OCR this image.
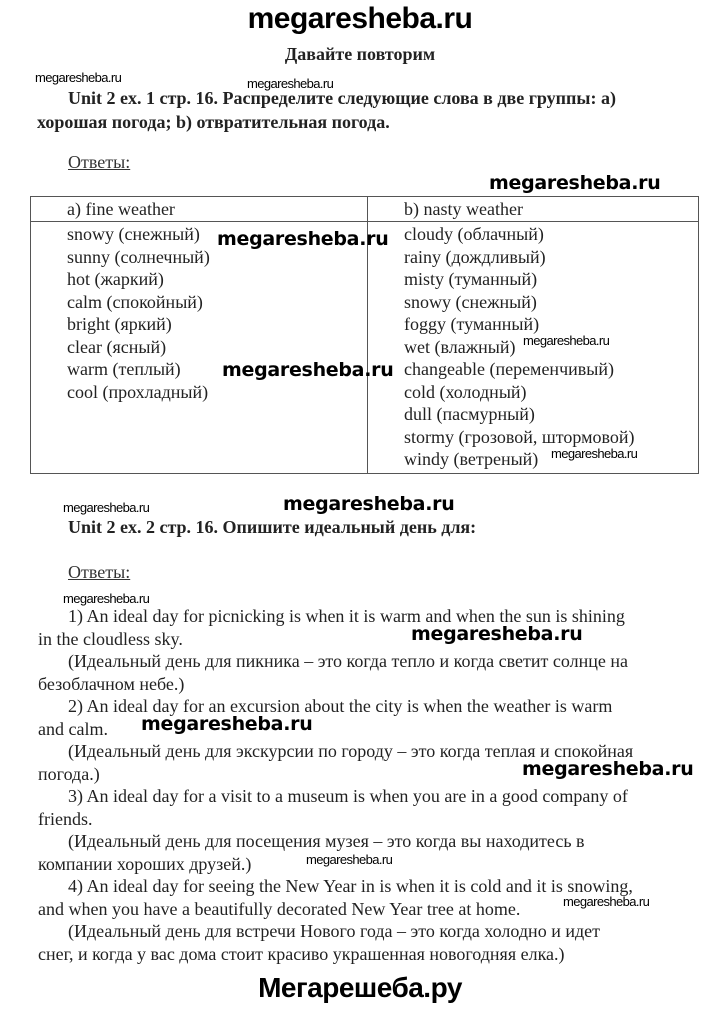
megaresheba.ru
Давайте повторим
megaresheba.ru	megaresheba.ru
Unit 2 ex. 1 стр. 16. Распределите следующие слова в две группы: a)
хорошая погода; b) отвратительная погода.
Ответы:
megaresheba.ru
a) fine weather	b) nasty weather

snowy (снежный)
sunny (солнечный)
hot (жаркий)
calm (спокойный)
bright (яркий)
clear (ясный)
warm (теплый)
cool (прохладный)

cloudy (облачный)
rainy (дождливый)
misty (туманный)
snowy (снежный)
foggy (туманный)
wet (влажный)
changeable (переменчивый)
cold (холодный)
dull (пасмурный)
stormy (грозовой, штормовой)
windy (ветреный)
megaresheba.ru
megaresheba.ru
megaresheba.ru
megaresheba.ru
megaresheba.ru	megaresheba.ru
Unit 2 ex. 2 стр. 16. Опишите идеальный день для:
Ответы:
megaresheba.ru
1) An ideal day for picnicking is when it is warm and when the sun is shining
in the cloudless sky.	megaresheba.ru
(Идеальный день для пикника – это когда тепло и когда светит солнце на
безоблачном небе.)
2) An ideal day for an excursion about the city is when the weather is warm
and calm. megaresheba.ru
(Идеальный день для экскурсии по городу – это когда теплая и спокойная
погода.)	megaresheba.ru
3) An ideal day for a visit to a museum is when you are in a good company of
friends.
(Идеальный день для посещения музея – это когда вы находитесь в
компании хороших друзей.)	megaresheba.ru
4) An ideal day for seeing the New Year in is when it is cold and it is snowing,
and when you have a beautifully decorated New Year tree at home.	megaresheba.ru
(Идеальный день для встречи Нового года – это когда холодно и идет
снег, и когда у вас дома стоит красиво украшенная новогодняя елка.)
Мегарешеба.ру
